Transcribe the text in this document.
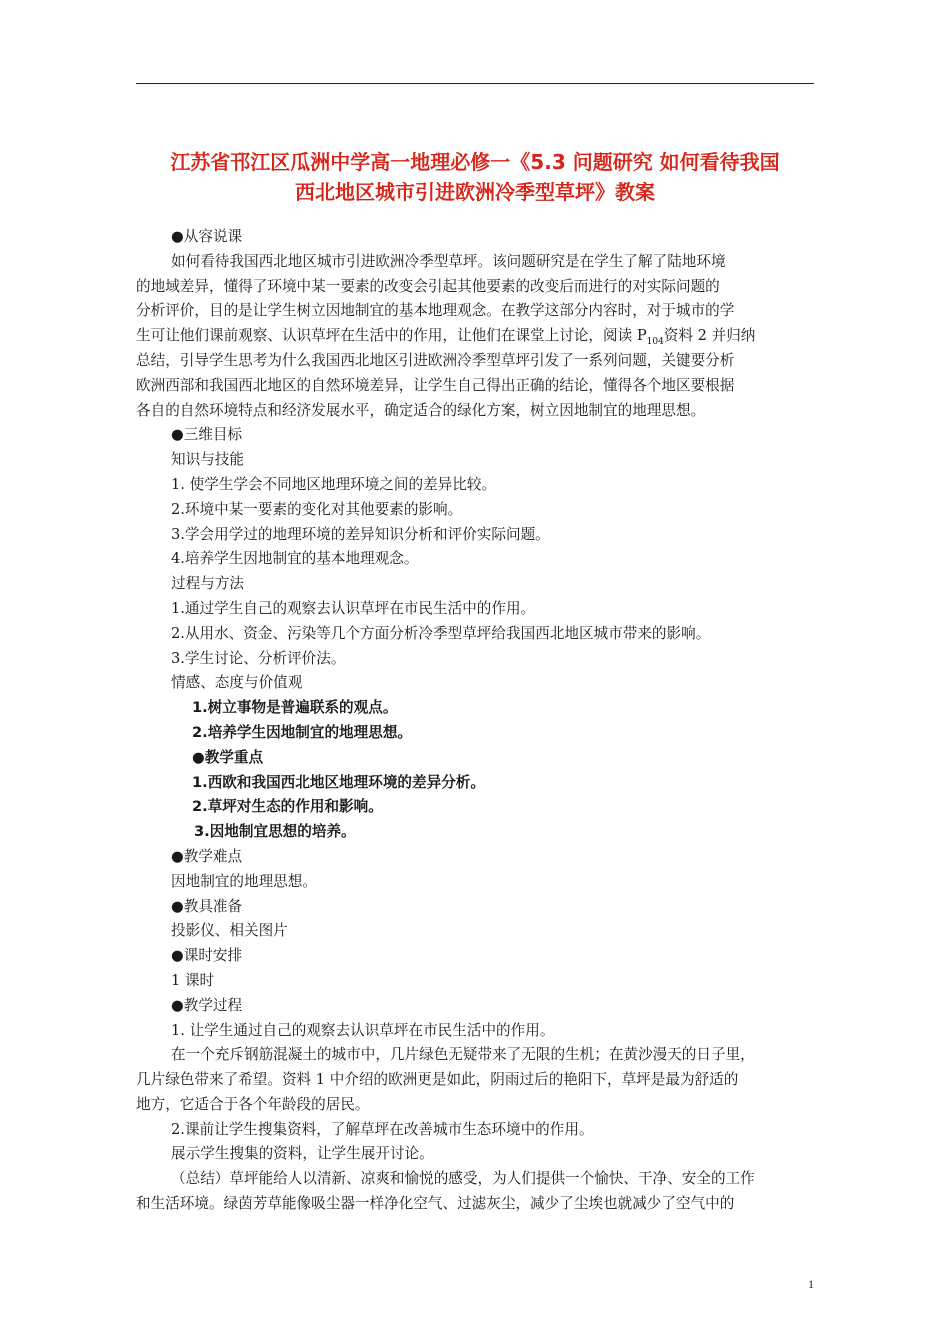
江苏省邗江区瓜洲中学高一地理必修一《5.3 问题研究 如何看待我国
西北地区城市引进欧洲冷季型草坪》教案
●从容说课
如何看待我国西北地区城市引进欧洲冷季型草坪。该问题研究是在学生了解了陆地环境
的地域差异，懂得了环境中某一要素的改变会引起其他要素的改变后而进行的对实际问题的
分析评价，目的是让学生树立因地制宜的基本地理观念。在教学这部分内容时，对于城市的学
生可让他们课前观察、认识草坪在生活中的作用，让他们在课堂上讨论，阅读 $P_{104}$资料 2 并归纳
总结，引导学生思考为什么我国西北地区引进欧洲冷季型草坪引发了一系列问题，关键要分析
欧洲西部和我国西北地区的自然环境差异，让学生自己得出正确的结论，懂得各个地区要根据
各自的自然环境特点和经济发展水平，确定适合的绿化方案，树立因地制宜的地理思想。
●三维目标
知识与技能
1. 使学生学会不同地区地理环境之间的差异比较。
2.环境中某一要素的变化对其他要素的影响。
3.学会用学过的地理环境的差异知识分析和评价实际问题。
4.培养学生因地制宜的基本地理观念。
过程与方法
1.通过学生自己的观察去认识草坪在市民生活中的作用。
2.从用水、资金、污染等几个方面分析冷季型草坪给我国西北地区城市带来的影响。
3.学生讨论、分析评价法。
情感、态度与价值观
1.树立事物是普遍联系的观点。
2.培养学生因地制宜的地理思想。
●教学重点
1.西欧和我国西北地区地理环境的差异分析。
2.草坪对生态的作用和影响。
3.因地制宜思想的培养。
●教学难点
因地制宜的地理思想。
●教具准备
投影仪、相关图片
●课时安排
1 课时
●教学过程
1. 让学生通过自己的观察去认识草坪在市民生活中的作用。
在一个充斥钢筋混凝土的城市中，几片绿色无疑带来了无限的生机；在黄沙漫天的日子里，
几片绿色带来了希望。资料 1 中介绍的欧洲更是如此，阴雨过后的艳阳下，草坪是最为舒适的
地方，它适合于各个年龄段的居民。
2.课前让学生搜集资料，了解草坪在改善城市生态环境中的作用。
展示学生搜集的资料，让学生展开讨论。
（总结）草坪能给人以清新、凉爽和愉悦的感受，为人们提供一个愉快、干净、安全的工作
和生活环境。绿茵芳草能像吸尘器一样净化空气、过滤灰尘，减少了尘埃也就减少了空气中的
1
